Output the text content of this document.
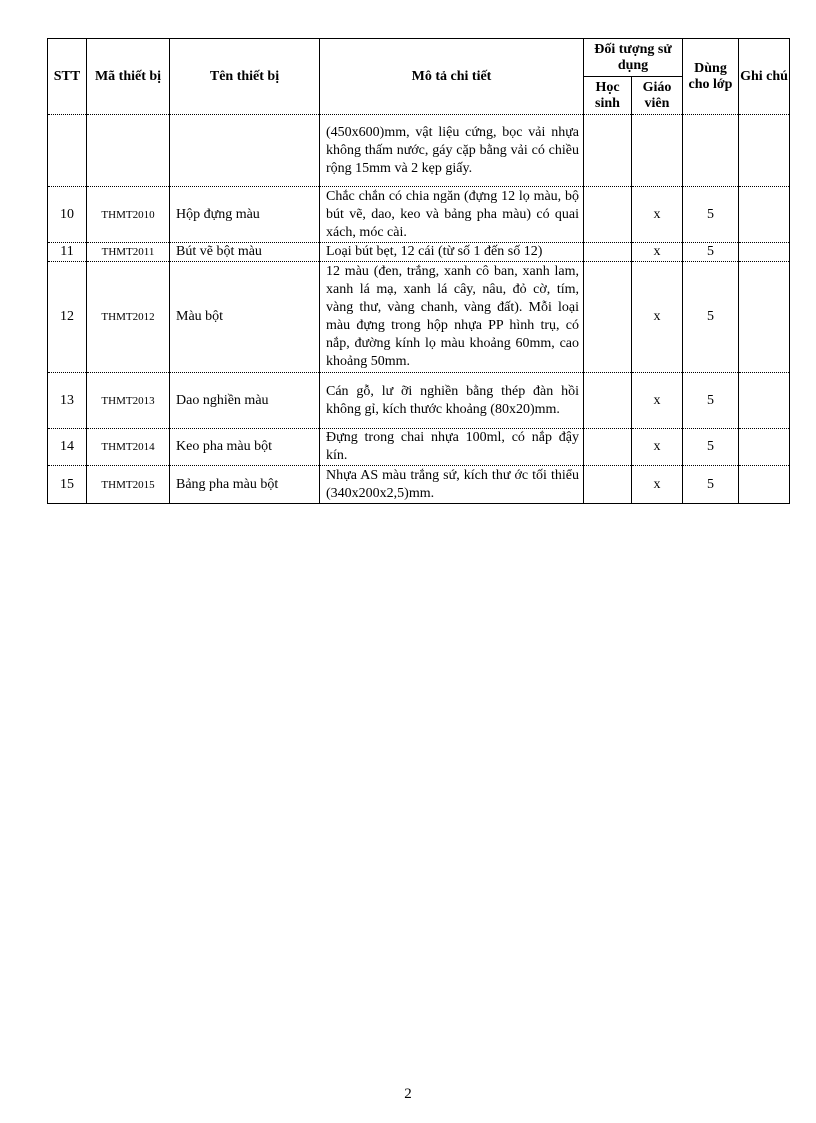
STT	Mã thiết bị	Tên thiết bị	Mô tả chi tiết	Đối tượng sử dụng		Dùng cho lớp	Ghi chú
				Học sinh	Giáo viên		
			(450x600)mm, vật liệu cứng, bọc vải nhựa không thấm nước, gáy cặp bằng vải có chiều rộng 15mm và 2 kẹp giấy.				
10	THMT2010	Hộp đựng màu	Chắc chắn có chia ngăn (đựng 12 lọ màu, bộ bút vẽ, dao, keo và bảng pha màu) có quai xách, móc cài.		x	5	
11	THMT2011	Bút vẽ bột màu	Loại bút bẹt, 12 cái (từ số 1 đến số 12)		x	5	
12	THMT2012	Màu bột	12 màu (đen, trắng, xanh cô ban, xanh lam, xanh lá mạ, xanh lá cây, nâu, đỏ cờ, tím, vàng thư, vàng chanh, vàng đất). Mỗi loại màu đựng trong hộp nhựa PP hình trụ, có nắp, đường kính lọ màu khoảng 60mm, cao khoảng 50mm.		x	5	
13	THMT2013	Dao nghiền màu	Cán gỗ, lư ỡi nghiền bằng thép đàn hồi không gỉ, kích thước khoảng (80x20)mm.		x	5	
14	THMT2014	Keo pha màu bột	Đựng trong chai nhựa 100ml, có nắp đậy kín.		x	5	
15	THMT2015	Bảng pha màu bột	Nhựa AS màu trắng sứ, kích thư ớc tối thiểu (340x200x2,5)mm.		x	5	
2
